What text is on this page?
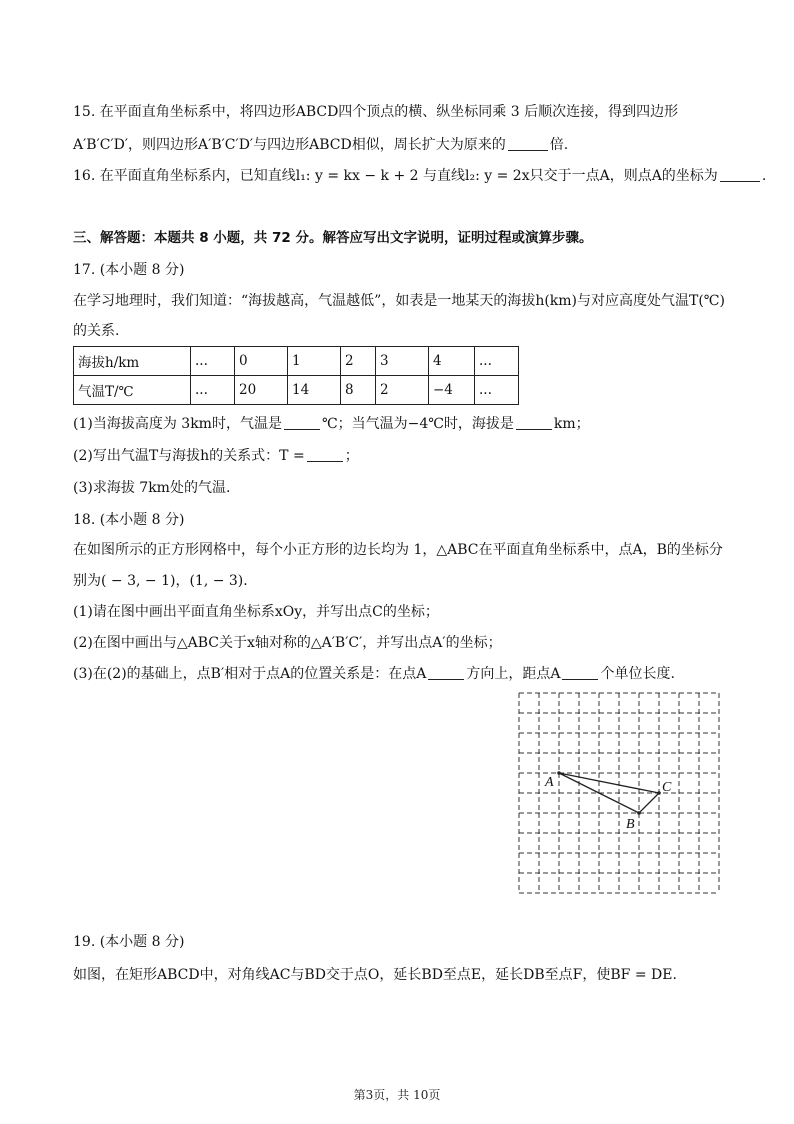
15. 在平面直角坐标系中，将四边形ABCD四个顶点的横、纵坐标同乘 3 后顺次连接，得到四边形
A′B′C′D′，则四边形A′B′C′D′与四边形ABCD相似，周长扩大为原来的	倍.
16. 在平面直角坐标系内，已知直线l₁: y = kx − k + 2 与直线l₂: y = 2x只交于一点A，则点A的坐标为	.
三、解答题：本题共 8 小题，共 72 分。解答应写出文字说明，证明过程或演算步骤。
17. (本小题 8 分)
在学习地理时，我们知道：“海拔越高，气温越低”，如表是一地某天的海拔h(km)与对应高度处气温T(℃)
的关系.
海拔h/km	...	0	1	2	3	4	...
气温T/℃	...	20	14	8	2	−4	...
(1)当海拔高度为 3km时，气温是	℃；当气温为−4℃时，海拔是	km；
(2)写出气温T与海拔h的关系式：T =	；
(3)求海拔 7km处的气温.
18. (本小题 8 分)
在如图所示的正方形网格中，每个小正方形的边长均为 1，△ABC在平面直角坐标系中，点A，B的坐标分
别为( − 3, − 1)，(1, − 3).
(1)请在图中画出平面直角坐标系xOy，并写出点C的坐标；
(2)在图中画出与△ABC关于x轴对称的△A′B′C′，并写出点A′的坐标；
(3)在(2)的基础上，点B′相对于点A的位置关系是：在点A	方向上，距点A	个单位长度.
A
B
C
19. (本小题 8 分)
如图，在矩形ABCD中，对角线AC与BD交于点O，延长BD至点E，延长DB至点F，使BF = DE.
第3页，共 10页
